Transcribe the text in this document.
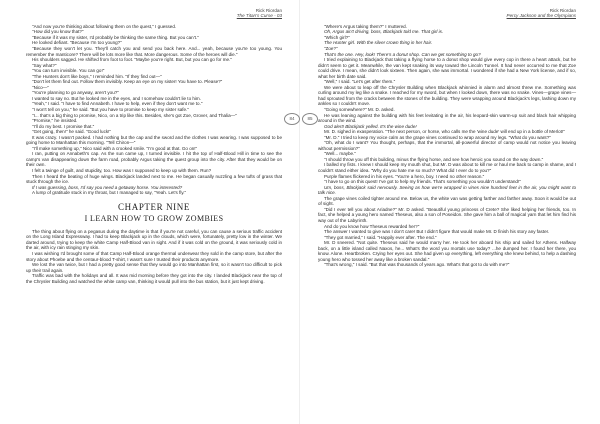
Rick Riordan
The Titan's Curse - 03

"And now you're thinking about following them on the quest," I guessed.

"How did you know that?"

"Because if it was my sister, I'd probably be thinking the same thing. But you can't."

He looked defiant. "Because I'm too young?"

"Because they won't let you. They'll catch you and send you back here. And... yeah, because you're too young. You remember the manticore? There will be lots more like that. More dangerous. Some of the heroes will die."

His shoulders sagged. He shifted from foot to foot. "Maybe you're right. But, but you can go for me."

"Say what?"

"You can turn invisible. You can go!"

"The Hunters don't like boys," I reminded him. "If they find out—"

"Don't let them find out. Follow them invisibly. Keep an eye on my sister! You have to. Please?"

"Nico—"

"You're planning to go anyway, aren't you?"

I wanted to say no. But he looked me in the eyes, and I somehow couldn't lie to him.

"Yeah," I said. "I have to find Annabeth. I have to help, even if they don't want me to."

"I won't tell on you," he said. "But you have to promise to keep my sister safe."

"I... that's a big thing to promise, Nico, on a trip like this. Besides, she's got Zoe, Grover, and Thalia—"

"Promise," he insisted.

"I'll do my best. I promise that."

"Get going, then!" he said. "Good luck!"

It was crazy. I wasn't packed. I had nothing but the cap and the sword and the clothes I was wearing. I was supposed to be going home to Manhattan this morning. "Tell Chiron—"

"I'll make something up," Nico said with a crooked smile. "I'm good at that. Go on!"

I ran, putting on Annabeth's cap. As the sun came up, I turned invisible. I hit the top of Half-Blood Hill in time to see the camp's van disappearing down the farm road, probably Argus taking the quest group into the city. After that they would be on their own.

I felt a twinge of guilt, and stupidity, too. How was I supposed to keep up with them. Run?

Then I heard the beating of huge wings. Blackjack landed next to me. He began casually nuzzling a few tufts of grass that stuck through the ice.

If I was guessing, boss, I'd say you need a getaway horse. You interested?

A lump of gratitude stuck in my throat, but I managed to say, "Yeah. Let's fly."

CHAPTER NINE
I LEARN HOW TO GROW ZOMBIES

The thing about flying on a pegasus during the daytime is that if you're not careful, you can cause a serious traffic accident on the Long Island Expressway. I had to keep Blackjack up in the clouds, which were, fortunately, pretty low in the winter. We darted around, trying to keep the white Camp Half-Blood van in sight. And if it was cold on the ground, it was seriously cold in the air, with icy rain stinging my skin.

I was wishing I'd brought some of that Camp Half-Blood orange thermal underwear they sold in the camp store, but after the story about Phoebe and the centaur-blood T-shirt, I wasn't sure I trusted their products anymore.

We lost the van twice, but I had a pretty good sense that they would go into Manhattan first, so it wasn't too difficult to pick up their trail again.

Traffic was bad with the holidays and all. It was mid morning before they got into the city. I landed Blackjack near the top of the Chrysler Building and watched the white camp van, thinking it would pull into the bus station, but it just kept driving.

84	85
Rick Riordan
Percy Jackson and the Olympians

"Where's Argus taking them?" I muttered.

Oh, Argus ain't driving, boss, Blackjack told me. That girl is.

"Which girl?"

The Hunter girl. With the silver crown thing in her hair.

"Zoe?"

That's the one. Hey, look! There's a donut shop. Can we get something to go?

I tried explaining to Blackjack that taking a flying horse to a donut shop would give every cop in there a heart attack, but he didn't seem to get it. Meanwhile, the van kept snaking its way toward the Lincoln Tunnel. It had never occurred to me that Zoe could drive. I mean, she didn't look sixteen. Then again, she was immortal. I wondered if she had a New York license, and if so, what her birth date said.

"Well," I said. "Let's get after them."

We were about to leap off the Chrysler Building when Blackjack whinnied in alarm and almost threw me. Something was curling around my leg like a snake. I reached for my sword, but when I looked down, there was no snake. Vines—grape vines—had sprouted from the cracks between the stones of the building. They were wrapping around Blackjack's legs, lashing down my ankles so I couldn't move.

"Going somewhere?" Mr. D. asked.

He was leaning against the building with his feet levitating in the air, his leopard-skin warm-up suit and black hair whipping around in the wind.

God alert! Blackjack yelled. It's the wine dude!

Mr. D. sighed in exasperation. "The next person, or horse, who calls me the 'wine dude' will end up in a bottle of Merlot!"

"Mr. D." I tried to keep my voice calm as the grape vines continued to wrap around my legs. "What do you want?"

"Oh, what do I want? You thought, perhaps, that the immortal, all-powerful director of camp would not notice you leaving without permission?"

"Well... maybe."

"I should throw you off this building, minus the flying horse, and see how heroic you sound on the way down."

I balled my fists. I knew I should keep my mouth shut, but Mr. D was about to kill me or haul me back to camp in shame, and I couldn't stand either idea. "Why do you hate me so much? What did I ever do to you?"

Purple flames flickered in his eyes. "You're a hero, boy. I need no other reason."

"I have to go on this quest! I've got to help my friends. That's something you wouldn't understand!"

Um, boss, Blackjack said nervously. Seeing as how we're wrapped in vines nine hundred feet in the air, you might want to talk nice.

The grape vines coiled tighter around me. Below us, the white van was getting farther and farther away. Soon it would be out of sight.

"Did I ever tell you about Ariadne?" Mr. D asked. "Beautiful young princess of Crete? She liked helping her friends, too. In fact, she helped a young hero named Theseus, also a son of Poseidon. She gave him a ball of magical yarn that let him find his way out of the Labyrinth.

And do you know how Theseus rewarded her?"

The answer I wanted to give was I don't care! But I didn't figure that would make Mr. D finish his story any faster.

"They got married," I said. "Happily ever after. The end."

Mr. D sneered. "Not quite. Theseus said he would marry her. He took her aboard his ship and sailed for Athens. Halfway back, on a little island called Naxos, he... What's the word you mortals use today? ...he dumped her. I found her there, you know. Alone. Heartbroken. Crying her eyes out. She had given up everything, left everything she knew behind, to help a dashing young hero who tossed her away like a broken sandal."

"That's wrong," I said. "But that was thousands of years ago. What's that got to do with me?"
